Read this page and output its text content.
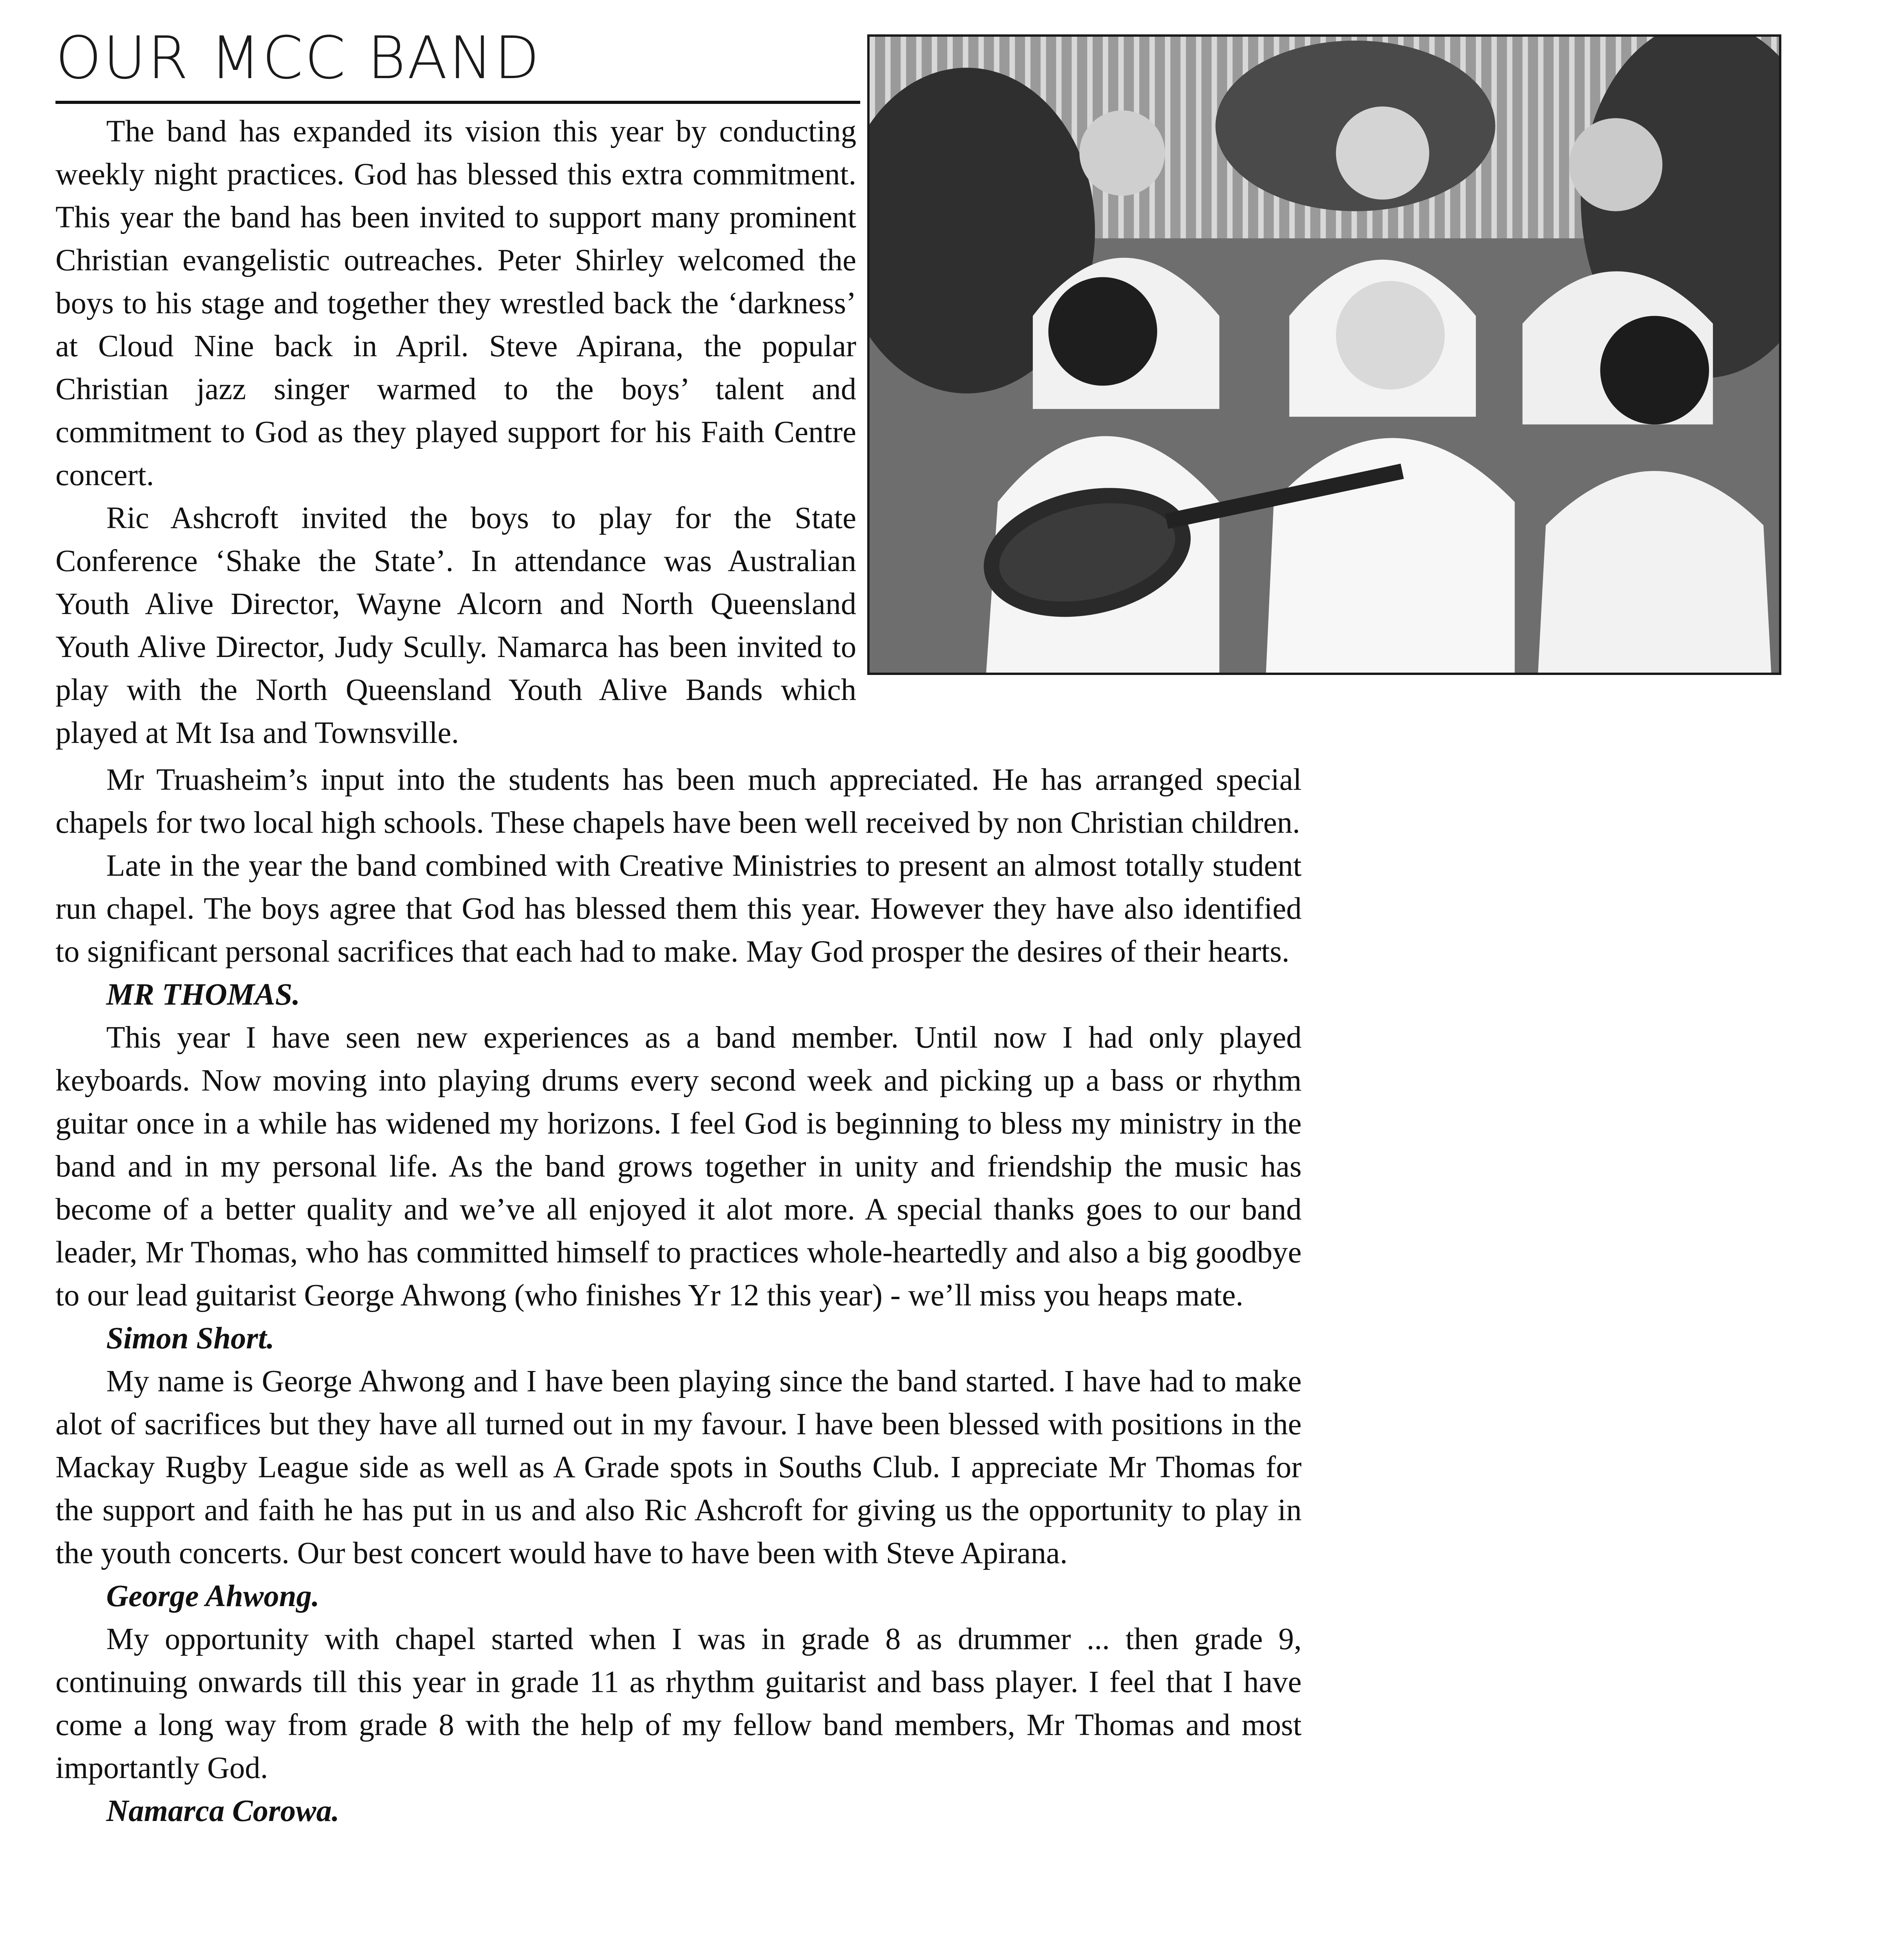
OUR MCC BAND

The band has expanded its vision this year by conducting weekly night practices. God has blessed this extra commitment. This year the band has been invited to support many prominent Christian evangelistic outreaches. Peter Shirley welcomed the boys to his stage and together they wrestled back the ‘darkness’ at Cloud Nine back in April. Steve Apirana, the popular Christian jazz singer warmed to the boys’ talent and commitment to God as they played support for his Faith Centre concert.

Ric Ashcroft invited the boys to play for the State Conference ‘Shake the State’. In attendance was Australian Youth Alive Director, Wayne Alcorn and North Queensland Youth Alive Director, Judy Scully. Namarca has been invited to play with the North Queensland Youth Alive Bands which played at Mt Isa and Townsville.

Mr Truasheim’s input into the students has been much appreciated. He has arranged special chapels for two local high schools. These chapels have been well received by non Christian children.

Late in the year the band combined with Creative Ministries to present an almost totally student run chapel. The boys agree that God has blessed them this year. However they have also identified to significant personal sacrifices that each had to make. May God prosper the desires of their hearts.

MR THOMAS.

This year I have seen new experiences as a band member. Until now I had only played keyboards. Now moving into playing drums every second week and picking up a bass or rhythm guitar once in a while has widened my horizons. I feel God is beginning to bless my ministry in the band and in my personal life. As the band grows together in unity and friendship the music has become of a better quality and we’ve all enjoyed it alot more. A special thanks goes to our band leader, Mr Thomas, who has committed himself to practices whole-heartedly and also a big goodbye to our lead guitarist George Ahwong (who finishes Yr 12 this year) - we’ll miss you heaps mate.

Simon Short.

My name is George Ahwong and I have been playing since the band started. I have had to make alot of sacrifices but they have all turned out in my favour. I have been blessed with positions in the Mackay Rugby League side as well as A Grade spots in Souths Club. I appreciate Mr Thomas for the support and faith he has put in us and also Ric Ashcroft for giving us the opportunity to play in the youth concerts. Our best concert would have to have been with Steve Apirana.

George Ahwong.

My opportunity with chapel started when I was in grade 8 as drummer ... then grade 9, continuing onwards till this year in grade 11 as rhythm guitarist and bass player. I feel that I have come a long way from grade 8 with the help of my fellow band members, Mr Thomas and most importantly God.

Namarca Corowa.
